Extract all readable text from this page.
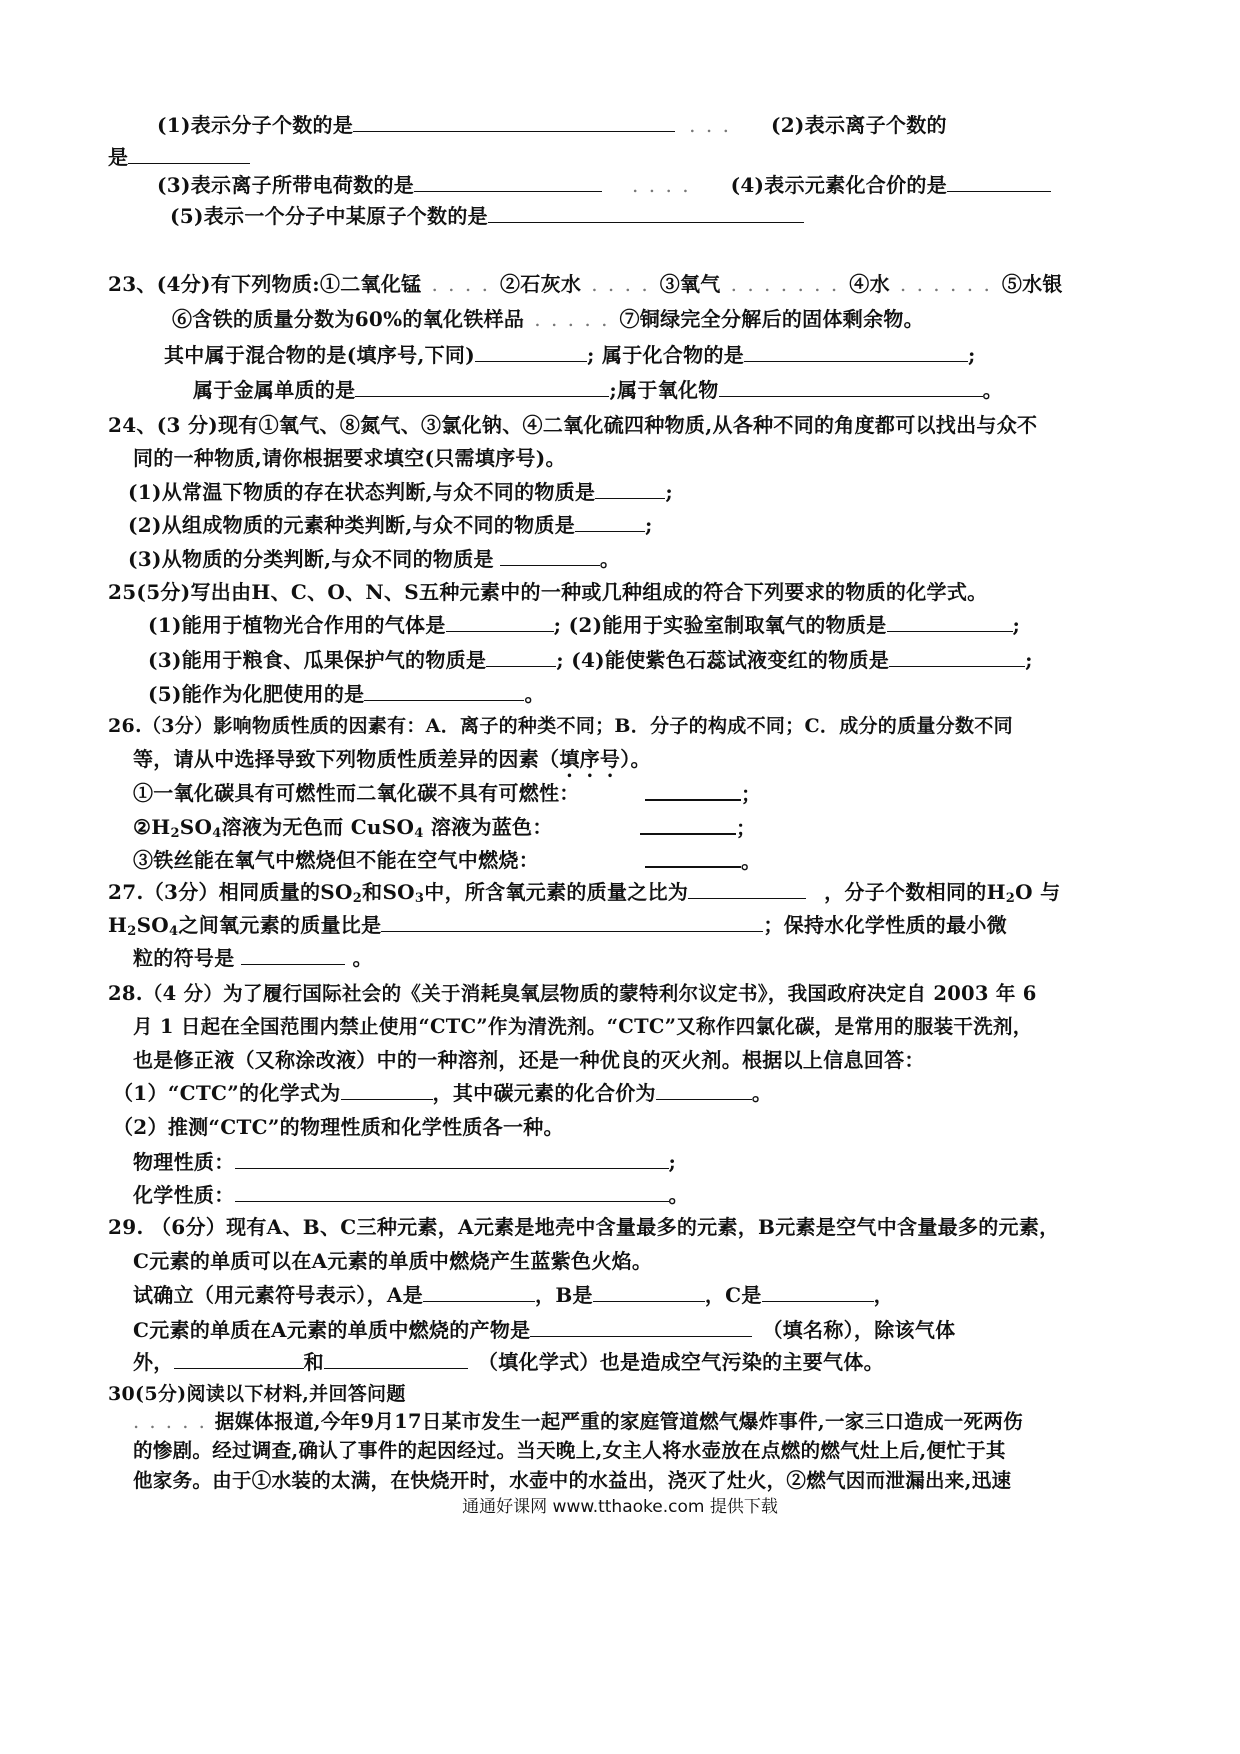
(1)表示分子个数的是	. . . (2)表示离子个数的
是
(3)表示离子所带电荷数的是	. . . . (4)表示元素化合价的是
(5)表示一个分子中某原子个数的是
23、(4分)有下列物质:①二氧化锰 . . . . ②石灰水 . . . . ③氧气 . . . . . . . ④水 . . . . . . ⑤水银
⑥含铁的质量分数为60%的氧化铁样品 . . . . . ⑦铜绿完全分解后的固体剩余物。
其中属于混合物的是(填序号,下同)	; 属于化合物的是	;
属于金属单质的是	;属于氧化物	。
24、(3 分)现有①氧气、⑧氮气、③氯化钠、④二氧化硫四种物质,从各种不同的角度都可以找出与众不
同的一种物质,请你根据要求填空(只需填序号)。
(1)从常温下物质的存在状态判断,与众不同的物质是	;
(2)从组成物质的元素种类判断,与众不同的物质是	;
(3)从物质的分类判断,与众不同的物质是	。
25(5分)写出由H、C、O、N、S五种元素中的一种或几种组成的符合下列要求的物质的化学式。
(1)能用于植物光合作用的气体是	; (2)能用于实验室制取氧气的物质是	;
(3)能用于粮食、瓜果保护气的物质是	; (4)能使紫色石蕊试液变红的物质是	;
(5)能作为化肥使用的是	。
26.（3分）影响物质性质的因素有：A．离子的种类不同；B．分子的构成不同；C．成分的质量分数不同
等，请从中选择导致下列物质性质差异的因素（填序号）。
①一氧化碳具有可燃性而二氧化碳不具有可燃性：	；
$②H_2SO_4$溶液为无色而 CuSO$_4$ 溶液为蓝色：	；
③铁丝能在氧气中燃烧但不能在空气中燃烧：	。
27.（3分）相同质量的$SO_2$和$SO_3$中，所含氧元素的质量之比为	，分子个数相同的$H_2O$ 与
$H_2SO_4$之间氧元素的质量比是	；保持水化学性质的最小微
粒的符号是	。
28.（4 分）为了履行国际社会的《关于消耗臭氧层物质的蒙特利尔议定书》，我国政府决定自 2003 年 6
月 1 日起在全国范围内禁止使用“CTC”作为清洗剂。“CTC”又称作四氯化碳，是常用的服装干洗剂，
也是修正液（又称涂改液）中的一种溶剂，还是一种优良的灭火剂。根据以上信息回答：
（1）“CTC”的化学式为	，其中碳元素的化合价为	。
（2）推测“CTC”的物理性质和化学性质各一种。
物理性质：	;
化学性质：	。
29. （6分）现有A、B、C三种元素，A元素是地壳中含量最多的元素，B元素是空气中含量最多的元素，
C元素的单质可以在A元素的单质中燃烧产生蓝紫色火焰。
试确立（用元素符号表示），A是	，B是	，C是	，
C元素的单质在A元素的单质中燃烧的产物是	（填名称），除该气体
外，	和	（填化学式）也是造成空气污染的主要气体。
30(5分)阅读以下材料,并回答问题
. . . . . 据媒体报道,今年9月17日某市发生一起严重的家庭管道燃气爆炸事件,一家三口造成一死两伤
的惨剧。经过调查,确认了事件的起因经过。当天晚上,女主人将水壶放在点燃的燃气灶上后,便忙于其
他家务。由于①水装的太满，在快烧开时，水壶中的水益出，浇灭了灶火，②燃气因而泄漏出来,迅速
通通好课网 www.tthaoke.com 提供下载
